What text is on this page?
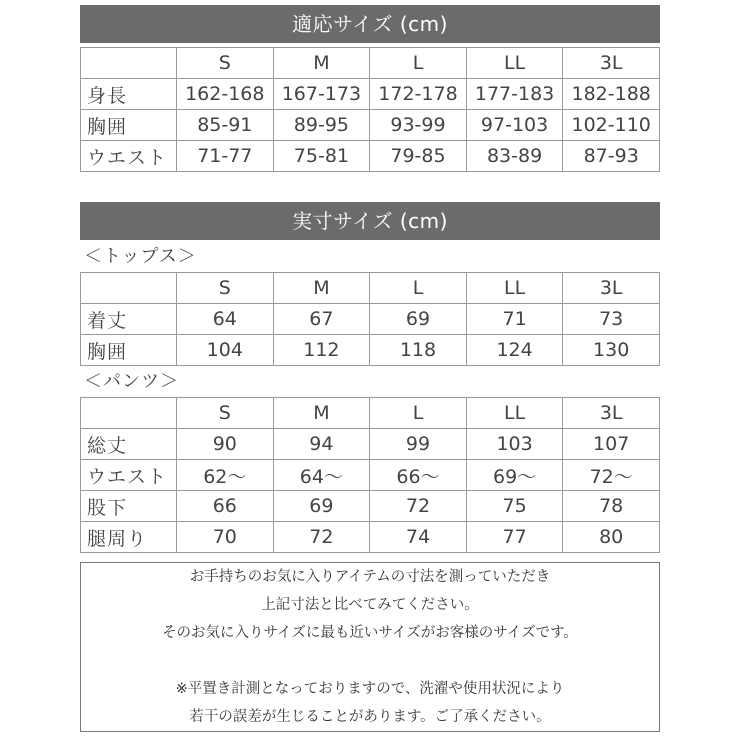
適応サイズ (cm)
	S	M	L	LL	3L
身長	162-168	167-173	172-178	177-183	182-188
胸囲	85-91	89-95	93-99	97-103	102-110
ウエスト	71-77	75-81	79-85	83-89	87-93
実寸サイズ (cm)
＜トップス＞
	S	M	L	LL	3L
着丈	64	67	69	71	73
胸囲	104	112	118	124	130
＜パンツ＞
	S	M	L	LL	3L
総丈	90	94	99	103	107
ウエスト	62～	64～	66～	69～	72～
股下	66	69	72	75	78
腿周り	70	72	74	77	80

お手持ちのお気に入りアイテムの寸法を測っていただき

上記寸法と比べてみてください。

そのお気に入りサイズに最も近いサイズがお客様のサイズです。

※平置き計測となっておりますので、洗濯や使用状況により

若干の誤差が生じることがあります。ご了承ください。
